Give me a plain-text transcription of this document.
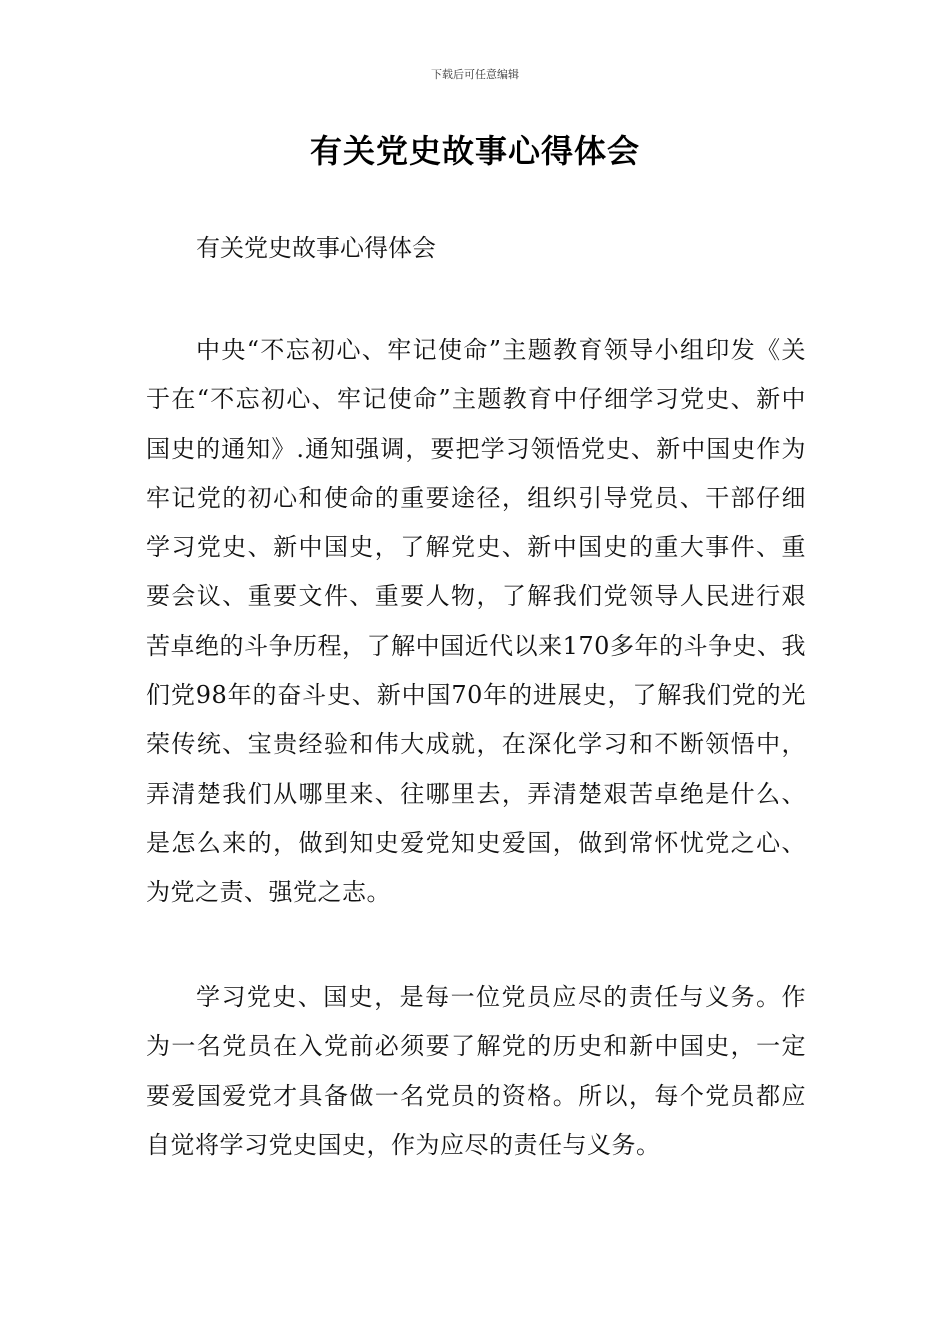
下载后可任意编辑
有关党史故事心得体会

有关党史故事心得体会

中央“不忘初心、牢记使命”主题教育领导小组印发《关于在“不忘初心、牢记使命”主题教育中仔细学习党史、新中国史的通知》.通知强调，要把学习领悟党史、新中国史作为牢记党的初心和使命的重要途径，组织引导党员、干部仔细学习党史、新中国史，了解党史、新中国史的重大事件、重要会议、重要文件、重要人物，了解我们党领导人民进行艰苦卓绝的斗争历程，了解中国近代以来170多年的斗争史、我们党98年的奋斗史、新中国70年的进展史，了解我们党的光荣传统、宝贵经验和伟大成就，在深化学习和不断领悟中，弄清楚我们从哪里来、往哪里去，弄清楚艰苦卓绝是什么、是怎么来的，做到知史爱党知史爱国，做到常怀忧党之心、为党之责、强党之志。

学习党史、国史，是每一位党员应尽的责任与义务。作为一名党员在入党前必须要了解党的历史和新中国史，一定要爱国爱党才具备做一名党员的资格。所以，每个党员都应自觉将学习党史国史，作为应尽的责任与义务。
